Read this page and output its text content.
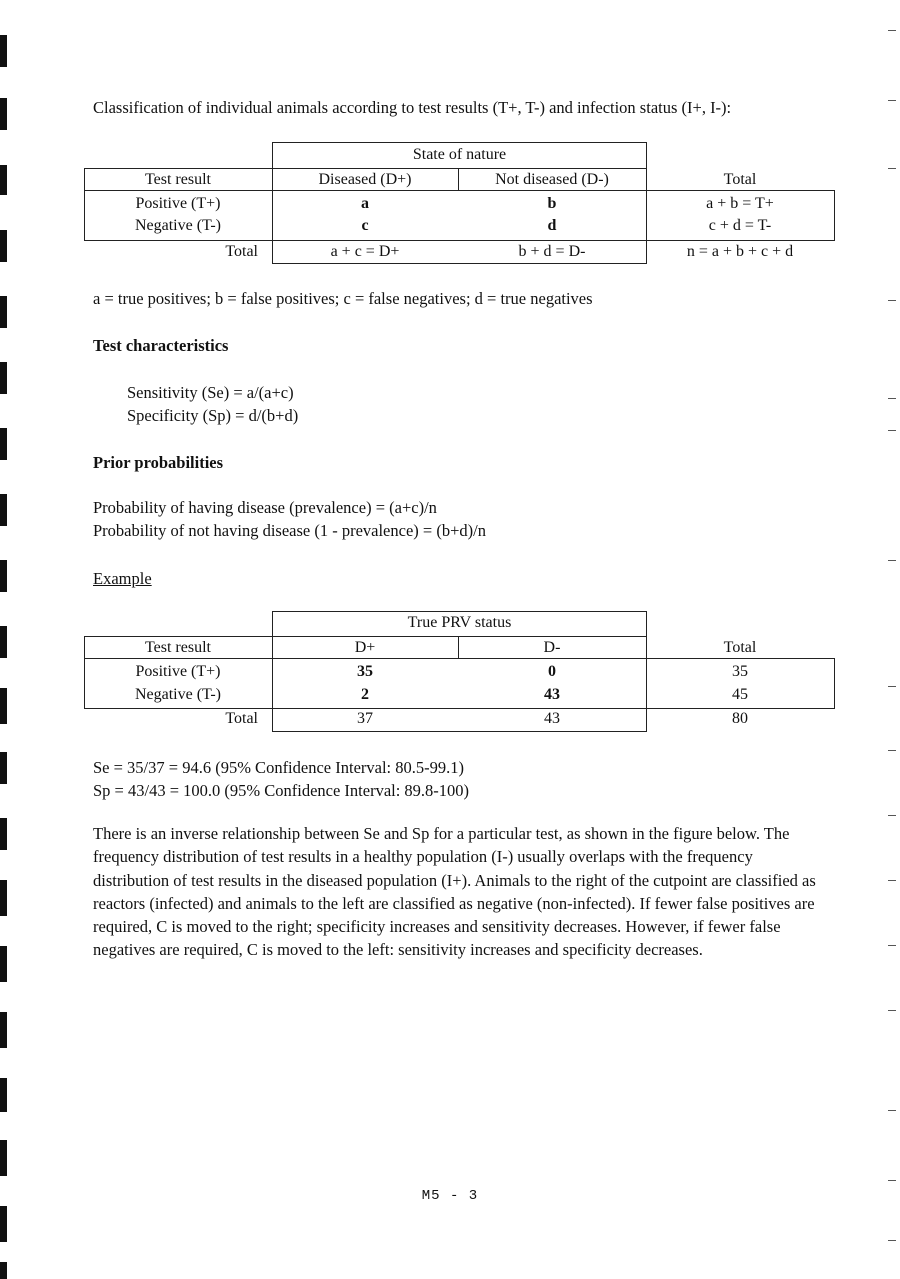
Classification of individual animals according to test results (T+, T-) and infection status (I+, I-):
State of nature
Test result	Diseased (D+)	Not diseased (D-)	Total
Positive (T+)	a	b	a + b = T+
Negative (T-)	c	d	c + d = T-
Total	a + c = D+	b + d = D-	n = a + b + c + d
a = true positives; b = false positives; c = false negatives; d = true negatives
Test characteristics
Sensitivity (Se) = a/(a+c)
Specificity (Sp) = d/(b+d)
Prior probabilities
Probability of having disease (prevalence) = (a+c)/n
Probability of not having disease (1 - prevalence) = (b+d)/n
Example
True PRV status
Test result	D+	D-	Total
Positive (T+)	35	0	35
Negative (T-)	2	43	45
Total	37	43	80
Se = 35/37 = 94.6 (95% Confidence Interval: 80.5-99.1)
Sp = 43/43 = 100.0 (95% Confidence Interval: 89.8-100)
There is an inverse relationship between Se and Sp for a particular test, as shown in the figure below. The frequency distribution of test results in a healthy population (I-) usually overlaps with the frequency distribution of test results in the diseased population (I+). Animals to the right of the cutpoint are classified as reactors (infected) and animals to the left are classified as negative (non-infected). If fewer false positives are required, C is moved to the right; specificity increases and sensitivity decreases. However, if fewer false negatives are required, C is moved to the left: sensitivity increases and specificity decreases.
M5 - 3
